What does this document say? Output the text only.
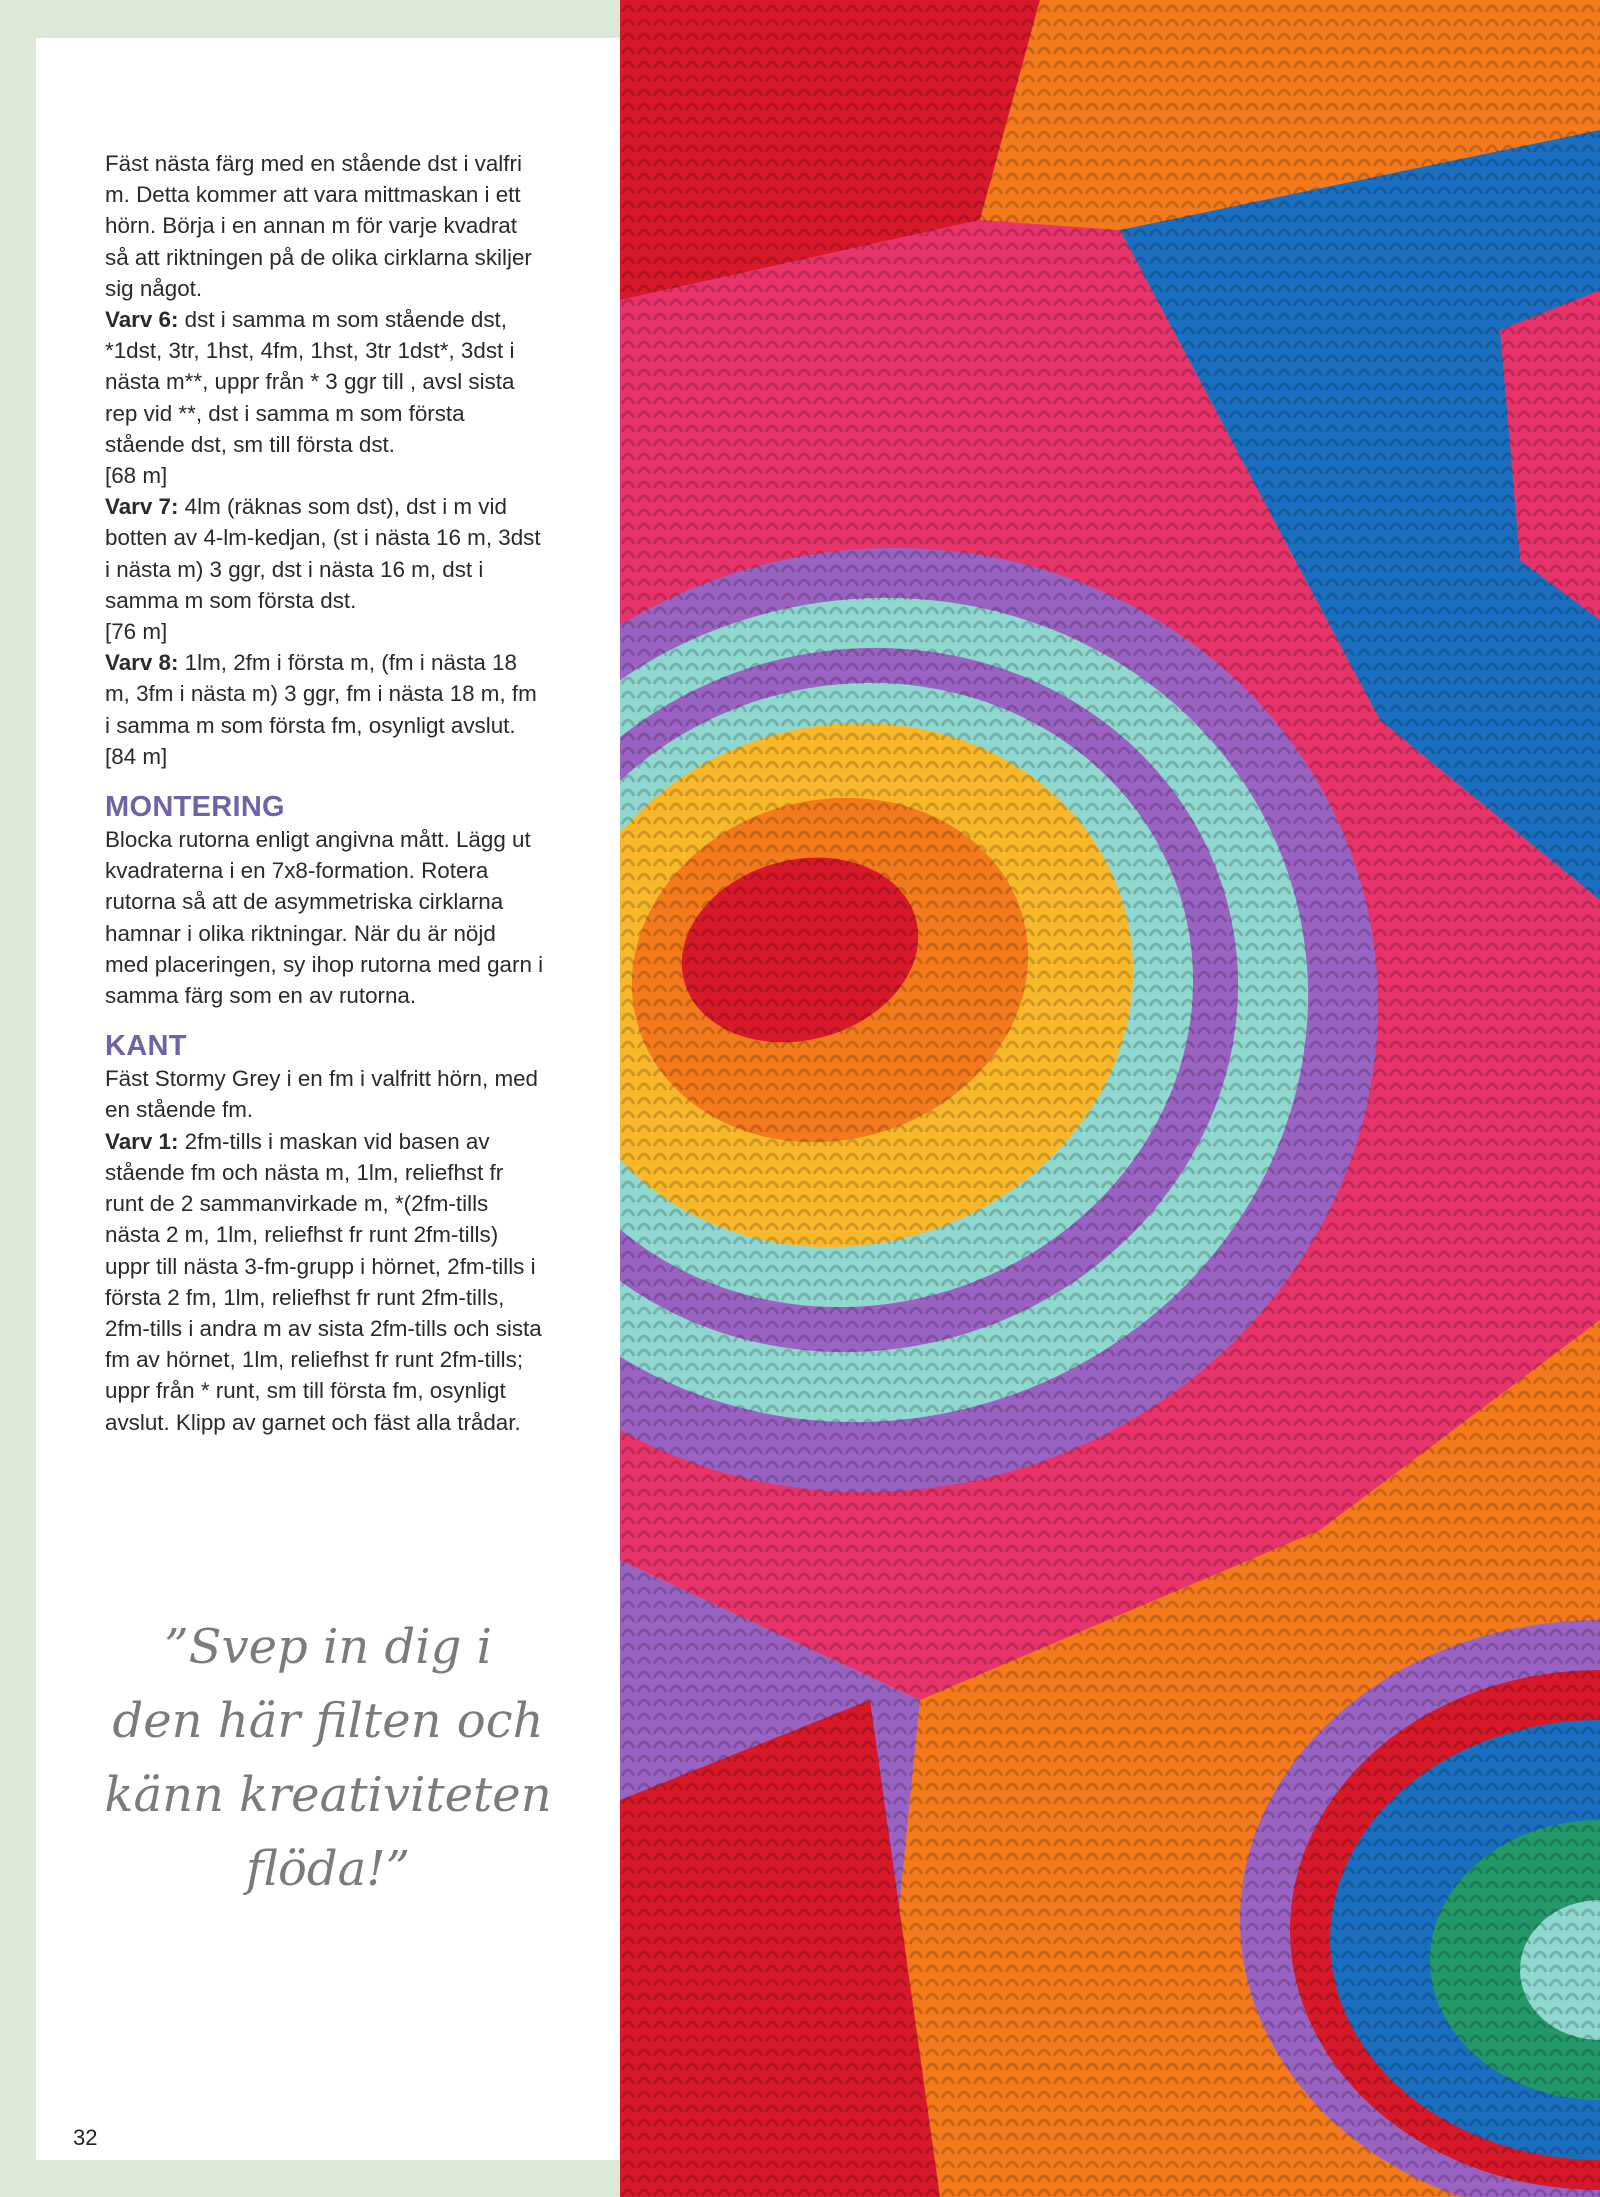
Fäst nästa färg med en stående dst i valfri m. Detta kommer att vara mittmaskan i ett hörn. Börja i en annan m för varje kvadrat så att riktningen på de olika cirklarna skiljer sig något.

Varv 6: dst i samma m som stående dst, *1dst, 3tr, 1hst, 4fm, 1hst, 3tr 1dst*, 3dst i nästa m**, uppr från * 3 ggr till , avsl sista rep vid **, dst i samma m som första stående dst, sm till första dst.
[68 m]

Varv 7: 4lm (räknas som dst), dst i m vid botten av 4-lm-kedjan, (st i nästa 16 m, 3dst i nästa m) 3 ggr, dst i nästa 16 m, dst i samma m som första dst.
[76 m]

Varv 8: 1lm, 2fm i första m, (fm i nästa 18 m, 3fm i nästa m) 3 ggr, fm i nästa 18 m, fm i samma m som första fm, osynligt avslut. [84 m]

MONTERING

Blocka rutorna enligt angivna mått. Lägg ut kvadraterna i en 7x8-formation. Rotera rutorna så att de asymmetriska cirklarna hamnar i olika riktningar. När du är nöjd med placeringen, sy ihop rutorna med garn i samma färg som en av rutorna.

KANT

Fäst Stormy Grey i en fm i valfritt hörn, med en stående fm.

Varv 1: 2fm-tills i maskan vid basen av stående fm och nästa m, 1lm, reliefhst fr runt de 2 sammanvirkade m, *(2fm-tills nästa 2 m, 1lm, reliefhst fr runt 2fm-tills) uppr till nästa 3-fm-grupp i hörnet, 2fm-tills i första 2 fm, 1lm, reliefhst fr runt 2fm-tills, 2fm-tills i andra m av sista 2fm-tills och sista fm av hörnet, 1lm, reliefhst fr runt 2fm-tills; uppr från * runt, sm till första fm, osynligt avslut. Klipp av garnet och fäst alla trådar.

”Svep in dig i
den här filten och
känn kreativiteten
flöda!”
32
